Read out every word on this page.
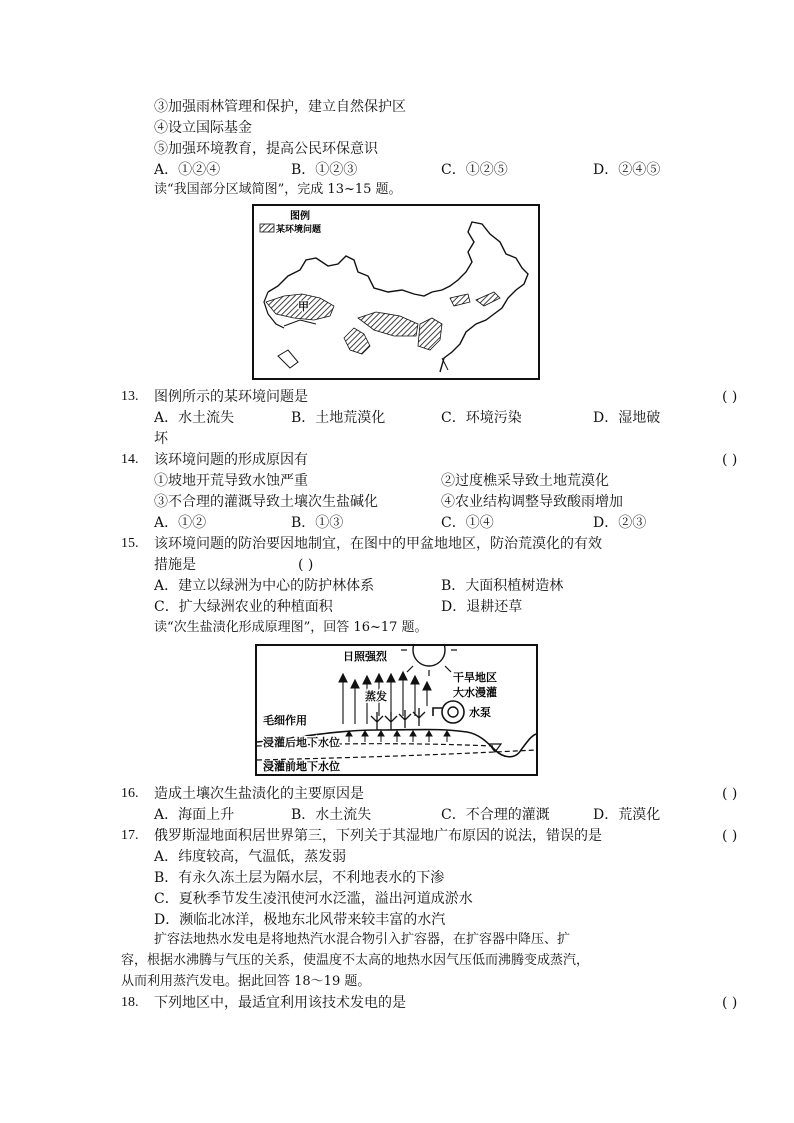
③加强雨林管理和保护，建立自然保护区
④设立国际基金
⑤加强环境教育，提高公民环保意识
A．①②④	B．①②③	C．①②⑤	D．②④⑤
读“我国部分区域简图”，完成 13~15 题。
图例
某环境问题
甲
13. 图例所示的某环境问题是	( )
A．水土流失	B．土地荒漠化	C．环境污染	D．湿地破
坏
14. 该环境问题的形成原因有	( )
①坡地开荒导致水蚀严重	②过度樵采导致土地荒漠化
③不合理的灌溉导致土壤次生盐碱化	④农业结构调整导致酸雨增加
A．①②	B．①③	C．①④	D．②③
15. 该环境问题的防治要因地制宜，在图中的甲盆地地区，防治荒漠化的有效
措施是	( )
A．建立以绿洲为中心的防护林体系	B．大面积植树造林
C．扩大绿洲农业的种植面积	D．退耕还草
读“次生盐渍化形成原理图”，回答 16~17 题。
日照强烈
干旱地区
大水漫灌
蒸发
水泵
毛细作用
浸灌后地下水位
浸灌前地下水位
16. 造成土壤次生盐渍化的主要原因是	( )
A．海面上升	B．水土流失	C．不合理的灌溉	D．荒漠化
17. 俄罗斯湿地面积居世界第三，下列关于其湿地广布原因的说法，错误的是	( )
A．纬度较高，气温低，蒸发弱
B．有永久冻土层为隔水层，不利地表水的下渗
C．夏秋季节发生凌汛使河水泛滥，溢出河道成淤水
D．濒临北冰洋，极地东北风带来较丰富的水汽
扩容法地热水发电是将地热汽水混合物引入扩容器，在扩容器中降压、扩
容，根据水沸腾与气压的关系，使温度不太高的地热水因气压低而沸腾变成蒸汽，
从而利用蒸汽发电。据此回答 18～19 题。
18. 下列地区中，最适宜利用该技术发电的是	( )
